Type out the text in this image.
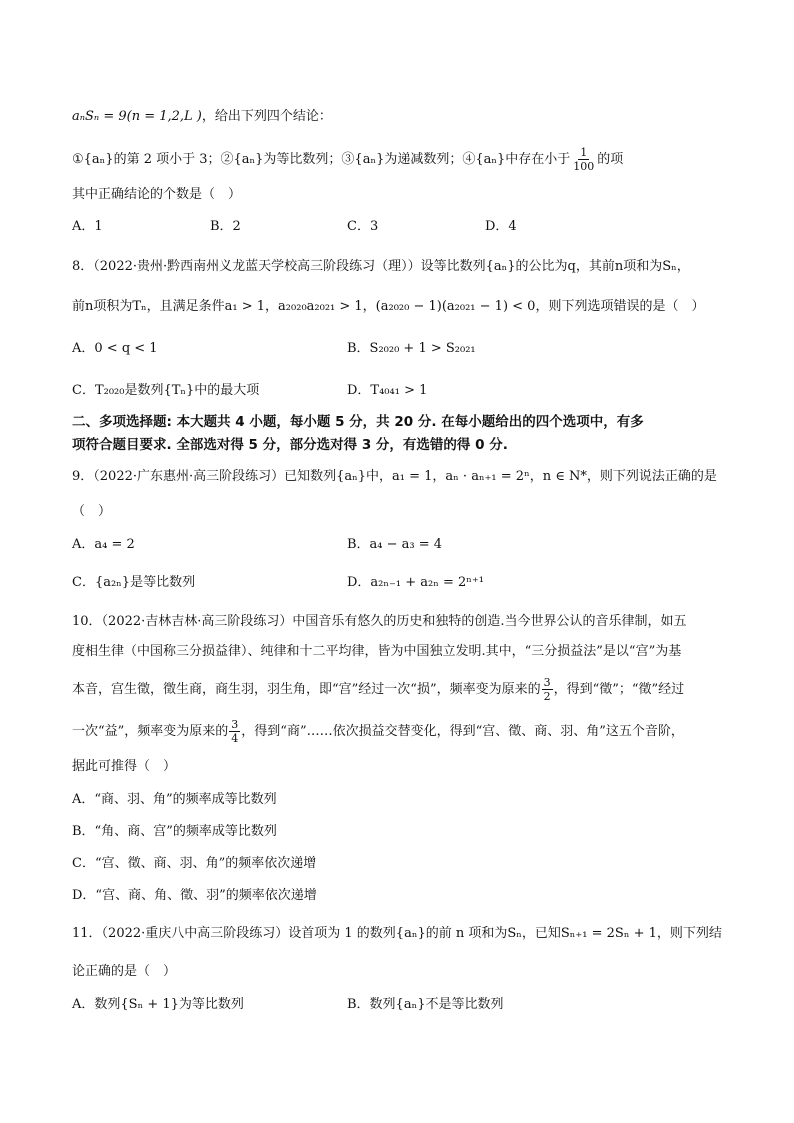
aₙSₙ = 9(n = 1,2,L )，给出下列四个结论：
①{aₙ}的第 2 项小于 3；②{aₙ}为等比数列；③{aₙ}为递减数列；④{aₙ}中存在小于 $\frac{1}{100}$ 的项
其中正确结论的个数是（　）
A．1	B．2	C．3	D．4
8．（2022·贵州·黔西南州义龙蓝天学校高三阶段练习（理））设等比数列{aₙ}的公比为q，其前n项和为Sₙ，
前n项积为Tₙ，且满足条件a₁ > 1，a₂₀₂₀a₂₀₂₁ > 1，(a₂₀₂₀ − 1)(a₂₀₂₁ − 1) < 0，则下列选项错误的是（　）
A．0 < q < 1	B．S₂₀₂₀ + 1 > S₂₀₂₁
C．T₂₀₂₀是数列{Tₙ}中的最大项	D．T₄₀₄₁ > 1
二、多项选择题: 本大题共 4 小题，每小题 5 分，共 20 分. 在每小题给出的四个选项中，有多
项符合题目要求. 全部选对得 5 分，部分选对得 3 分，有选错的得 0 分.
9．（2022·广东惠州·高三阶段练习）已知数列{aₙ}中，a₁ = 1，aₙ · aₙ₊₁ = 2ⁿ，n ∈ N*，则下列说法正确的是
（　）
A．a₄ = 2	B．a₄ − a₃ = 4
C．{a₂ₙ}是等比数列	D．a₂ₙ₋₁ + a₂ₙ = 2ⁿ⁺¹
10．（2022·吉林吉林·高三阶段练习）中国音乐有悠久的历史和独特的创造.当今世界公认的音乐律制，如五
度相生律（中国称三分损益律）、纯律和十二平均律，皆为中国独立发明.其中，“三分损益法”是以“宫”为基
本音，宫生徵，徵生商，商生羽，羽生角，即“宫”经过一次“损”，频率变为原来的 $\frac{3}{2}$ ，得到“徵”；“徵”经过
一次“益”，频率变为原来的 $\frac{3}{4}$ ，得到“商”……依次损益交替变化，得到“宫、徵、商、羽、角”这五个音阶，
据此可推得（　）
A．“商、羽、角”的频率成等比数列
B．“角、商、宫”的频率成等比数列
C．“宫、徵、商、羽、角”的频率依次递增
D．“宫、商、角、徵、羽”的频率依次递增
11．（2022·重庆八中高三阶段练习）设首项为 1 的数列{aₙ}的前 n 项和为Sₙ，已知Sₙ₊₁ = 2Sₙ + 1，则下列结
论正确的是（　）
A．数列{Sₙ + 1}为等比数列	B．数列{aₙ}不是等比数列
